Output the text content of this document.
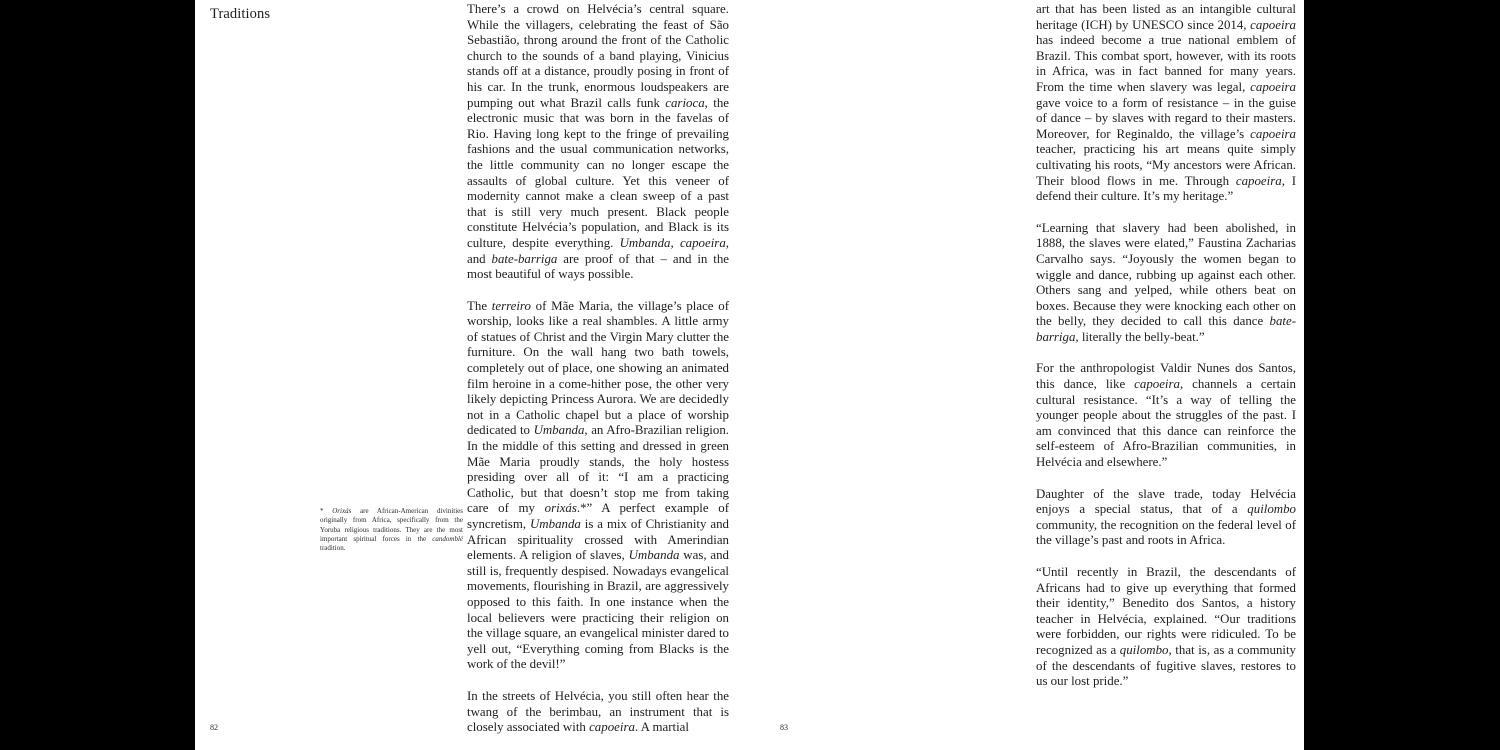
Traditions
* Orixás are African-American divinities originally from Africa, specifically from the Yoruba religious traditions. They are the most important spiritual forces in the candomblé tradition.

There’s a crowd on Helvécia’s central square. While the villagers, celebrating the feast of São Sebastião, throng around the front of the Catholic church to the sounds of a band playing, Vinicius stands off at a distance, proudly posing in front of his car. In the trunk, enormous loudspeakers are pumping out what Brazil calls funk carioca, the electronic music that was born in the favelas of Rio. Having long kept to the fringe of prevailing fashions and the usual communication networks, the little community can no longer escape the assaults of global culture. Yet this veneer of modernity cannot make a clean sweep of a past that is still very much present. Black people constitute Helvécia’s population, and Black is its culture, despite everything. Umbanda, capoeira, and bate-barriga are proof of that – and in the most beautiful of ways possible.

The terreiro of Mãe Maria, the village’s place of worship, looks like a real shambles. A little army of statues of Christ and the Virgin Mary clutter the furniture. On the wall hang two bath towels, completely out of place, one showing an animated film heroine in a come-hither pose, the other very likely depicting Princess Aurora. We are decidedly not in a Catholic chapel but a place of worship dedicated to Umbanda, an Afro-Brazilian religion. In the middle of this setting and dressed in green Mãe Maria proudly stands, the holy hostess presiding over all of it: “I am a practicing Catholic, but that doesn’t stop me from taking care of my orixás.*” A perfect example of syncretism, Umbanda is a mix of Christianity and African spirituality crossed with Amerindian elements. A religion of slaves, Umbanda was, and still is, frequently despised. Nowadays evangelical movements, flourishing in Brazil, are aggressively opposed to this faith. In one instance when the local believers were practicing their religion on the village square, an evangelical minister dared to yell out, “Everything coming from Blacks is the work of the devil!”

In the streets of Helvécia, you still often hear the twang of the berimbau, an instrument that is closely associated with capoeira. A martial

82

art that has been listed as an intangible cultural heritage (ICH) by UNESCO since 2014, capoeira has indeed become a true national emblem of Brazil. This combat sport, however, with its roots in Africa, was in fact banned for many years. From the time when slavery was legal, capoeira gave voice to a form of resistance – in the guise of dance – by slaves with regard to their masters. Moreover, for Reginaldo, the village’s capoeira teacher, practicing his art means quite simply cultivating his roots, “My ancestors were African. Their blood flows in me. Through capoeira, I defend their culture. It’s my heritage.”

“Learning that slavery had been abolished, in 1888, the slaves were elated,” Faustina Zacharias Carvalho says. “Joyously the women began to wiggle and dance, rubbing up against each other. Others sang and yelped, while others beat on boxes. Because they were knocking each other on the belly, they decided to call this dance bate-barriga, literally the belly-beat.”

For the anthropologist Valdir Nunes dos Santos, this dance, like capoeira, channels a certain cultural resistance. “It’s a way of telling the younger people about the struggles of the past. I am convinced that this dance can reinforce the self-esteem of Afro-Brazilian communities, in Helvécia and elsewhere.”

Daughter of the slave trade, today Helvécia enjoys a special status, that of a quilombo community, the recognition on the federal level of the village’s past and roots in Africa.

“Until recently in Brazil, the descendants of Africans had to give up everything that formed their identity,” Benedito dos Santos, a history teacher in Helvécia, explained. “Our traditions were forbidden, our rights were ridiculed. To be recognized as a quilombo, that is, as a community of the descendants of fugitive slaves, restores to us our lost pride.”

83
